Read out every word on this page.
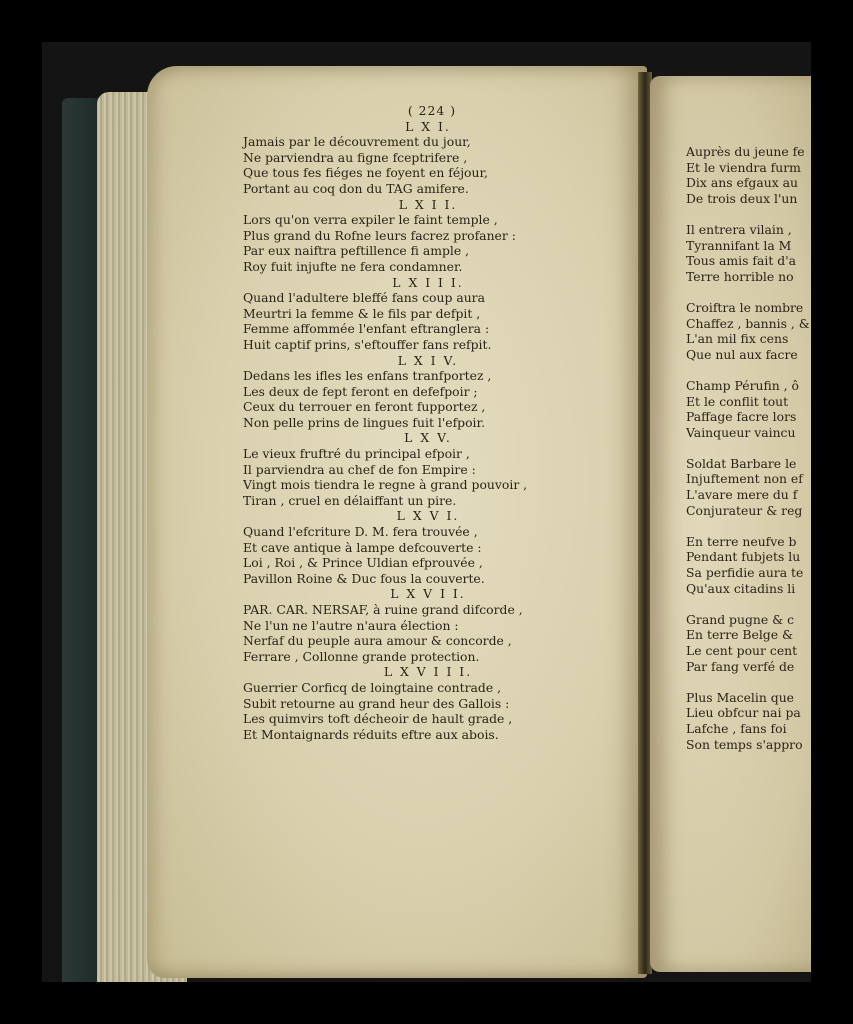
( 224 )
L X I.
Jamais par le découvrement du jour,
Ne parviendra au figne fceptrifere ,
Que tous fes fiéges ne foyent en féjour,
Portant au coq don du TAG amifere.
L X I I.
Lors qu'on verra expiler le faint temple ,
Plus grand du Rofne leurs facrez profaner :
Par eux naiftra peftillence fi ample ,
Roy fuit injufte ne fera condamner.
L X I I I.
Quand l'adultere bleffé fans coup aura
Meurtri la femme & le fils par defpit ,
Femme affommée l'enfant eftranglera :
Huit captif prins, s'eftouffer fans refpit.
L X I V.
Dedans les ifles les enfans tranfportez ,
Les deux de fept feront en defefpoir ;
Ceux du terrouer en feront fupportez ,
Non pelle prins de lingues fuit l'efpoir.
L X V.
Le vieux fruftré du principal efpoir ,
Il parviendra au chef de fon Empire :
Vingt mois tiendra le regne à grand pouvoir ,
Tiran , cruel en délaiffant un pire.
L X V I.
Quand l'efcriture D. M. fera trouvée ,
Et cave antique à lampe defcouverte :
Loi , Roi , & Prince Uldian efprouvée ,
Pavillon Roine & Duc fous la couverte.
L X V I I.
PAR. CAR. NERSAF, à ruine grand difcorde ,
Ne l'un ne l'autre n'aura élection :
Nerfaf du peuple aura amour & concorde ,
Ferrare , Collonne grande protection.
L X V I I I.
Guerrier Corficq de loingtaine contrade ,
Subit retourne au grand heur des Gallois :
Les quimvirs toft décheoir de hault grade ,
Et Montaignards réduits eftre aux abois.
Auprès du jeune fe
Et le viendra furm
Dix ans efgaux au
De trois deux l'un
Il entrera vilain ,
Tyrannifant la M
Tous amis fait d'a
Terre horrible no
Croiftra le nombre
Chaffez , bannis , &
L'an mil fix cens
Que nul aux facre
Champ Pérufin , ô
Et le conflit tout
Paffage facre lors
Vainqueur vaincu
Soldat Barbare le
Injuftement non ef
L'avare mere du f
Conjurateur & reg
En terre neufve b
Pendant fubjets lu
Sa perfidie aura te
Qu'aux citadins li
Grand pugne & c
En terre Belge &
Le cent pour cent
Par fang verfé de
Plus Macelin que
Lieu obfcur nai pa
Lafche , fans foi
Son temps s'appro
